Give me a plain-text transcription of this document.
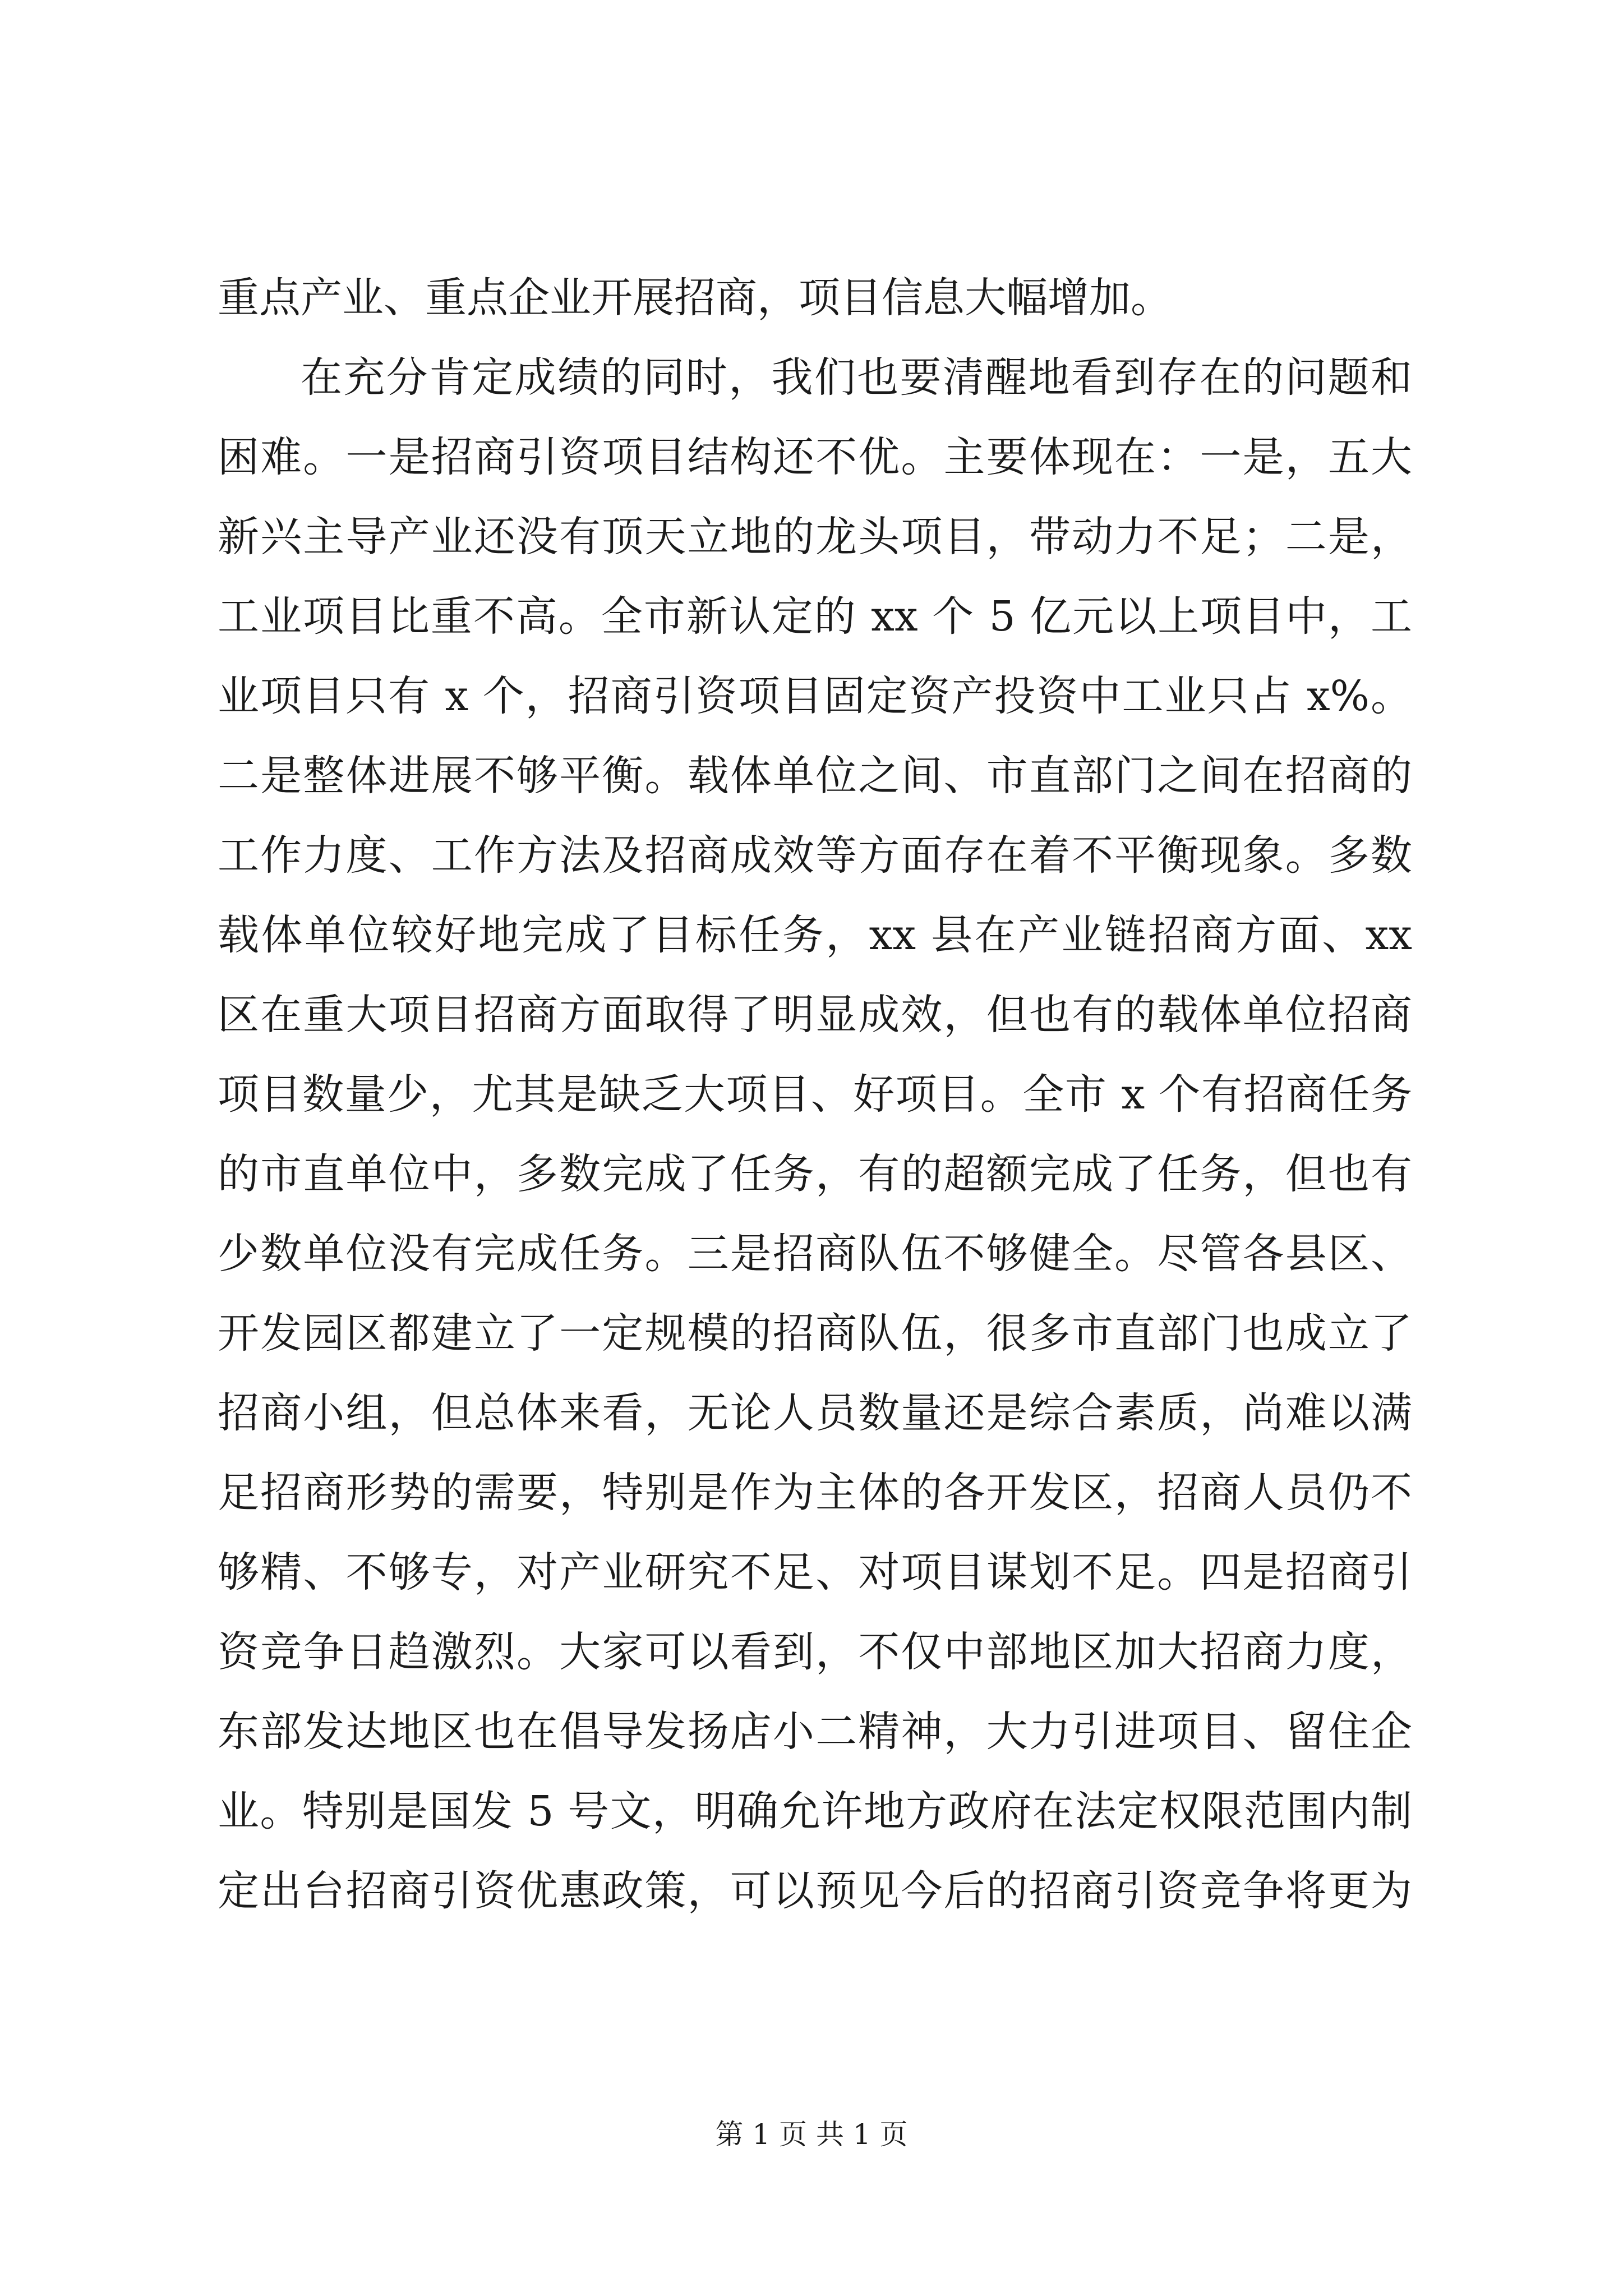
重点产业、重点企业开展招商，项目信息大幅增加。
在充分肯定成绩的同时，我们也要清醒地看到存在的问题和
困难。一是招商引资项目结构还不优。主要体现在：一是，五大
新兴主导产业还没有顶天立地的龙头项目，带动力不足；二是，
工业项目比重不高。全市新认定的 xx 个 5 亿元以上项目中，工
业项目只有 x 个，招商引资项目固定资产投资中工业只占 x%。
二是整体进展不够平衡。载体单位之间、市直部门之间在招商的
工作力度、工作方法及招商成效等方面存在着不平衡现象。多数
载体单位较好地完成了目标任务，xx 县在产业链招商方面、xx
区在重大项目招商方面取得了明显成效，但也有的载体单位招商
项目数量少，尤其是缺乏大项目、好项目。全市 x 个有招商任务
的市直单位中，多数完成了任务，有的超额完成了任务，但也有
少数单位没有完成任务。三是招商队伍不够健全。尽管各县区、
开发园区都建立了一定规模的招商队伍，很多市直部门也成立了
招商小组，但总体来看，无论人员数量还是综合素质，尚难以满
足招商形势的需要，特别是作为主体的各开发区，招商人员仍不
够精、不够专，对产业研究不足、对项目谋划不足。四是招商引
资竞争日趋激烈。大家可以看到，不仅中部地区加大招商力度，
东部发达地区也在倡导发扬店小二精神，大力引进项目、留住企
业。特别是国发 5 号文，明确允许地方政府在法定权限范围内制
定出台招商引资优惠政策，可以预见今后的招商引资竞争将更为
第 1 页 共 1 页
